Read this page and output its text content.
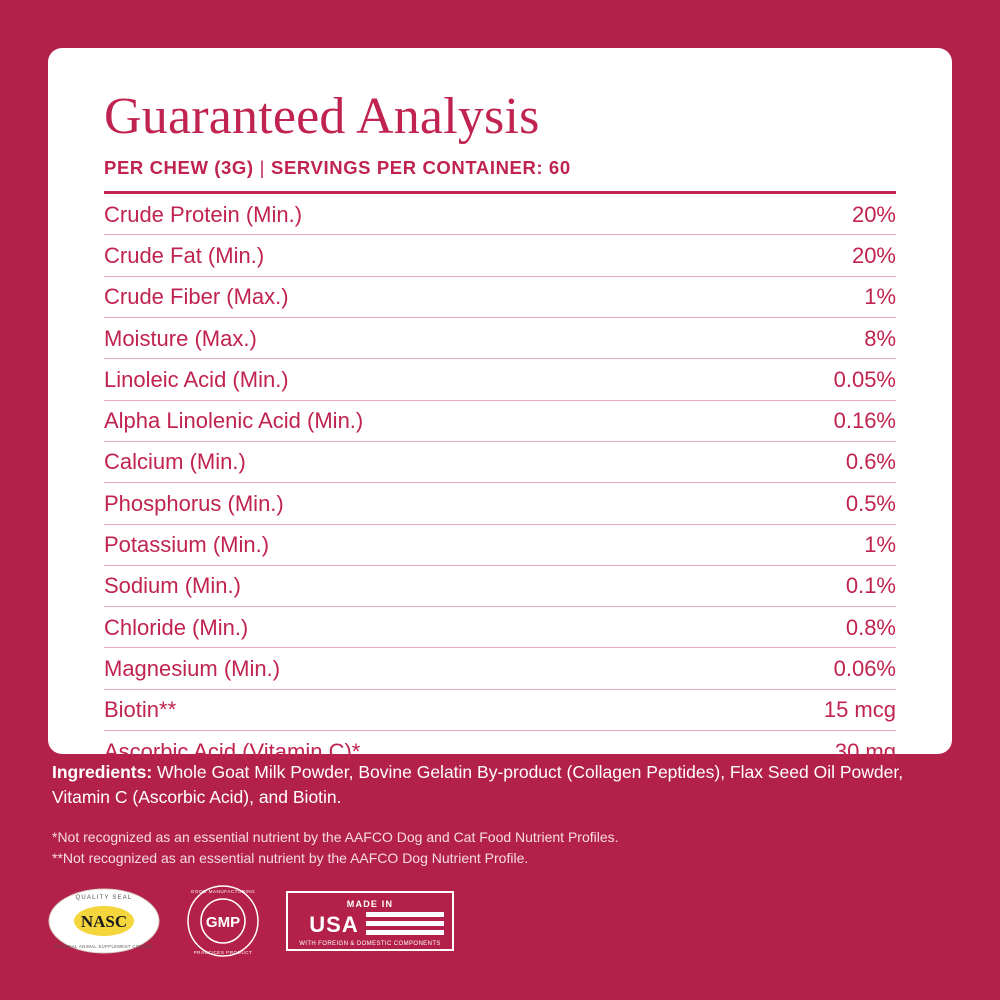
Guaranteed Analysis
PER CHEW (3G) | SERVINGS PER CONTAINER: 60
Crude Protein (Min.)	20%
Crude Fat (Min.)	20%
Crude Fiber (Max.)	1%
Moisture (Max.)	8%
Linoleic Acid (Min.)	0.05%
Alpha Linolenic Acid (Min.)	0.16%
Calcium (Min.)	0.6%
Phosphorus (Min.)	0.5%
Potassium (Min.)	1%
Sodium (Min.)	0.1%
Chloride (Min.)	0.8%
Magnesium (Min.)	0.06%
Biotin**	15 mcg
Ascorbic Acid (Vitamin C)*	30 mg
Ingredients: Whole Goat Milk Powder, Bovine Gelatin By-product (Collagen Peptides), Flax Seed Oil Powder, Vitamin C (Ascorbic Acid), and Biotin.
*Not recognized as an essential nutrient by the AAFCO Dog and Cat Food Nutrient Profiles.
**Not recognized as an essential nutrient by the AAFCO Dog Nutrient Profile.
NASC
QUALITY SEAL
NATIONAL ANIMAL SUPPLEMENT COUNCIL
GMP
GOOD MANUFACTURING
PRACTICES PRODUCT
MADE IN
USA
WITH FOREIGN & DOMESTIC COMPONENTS
